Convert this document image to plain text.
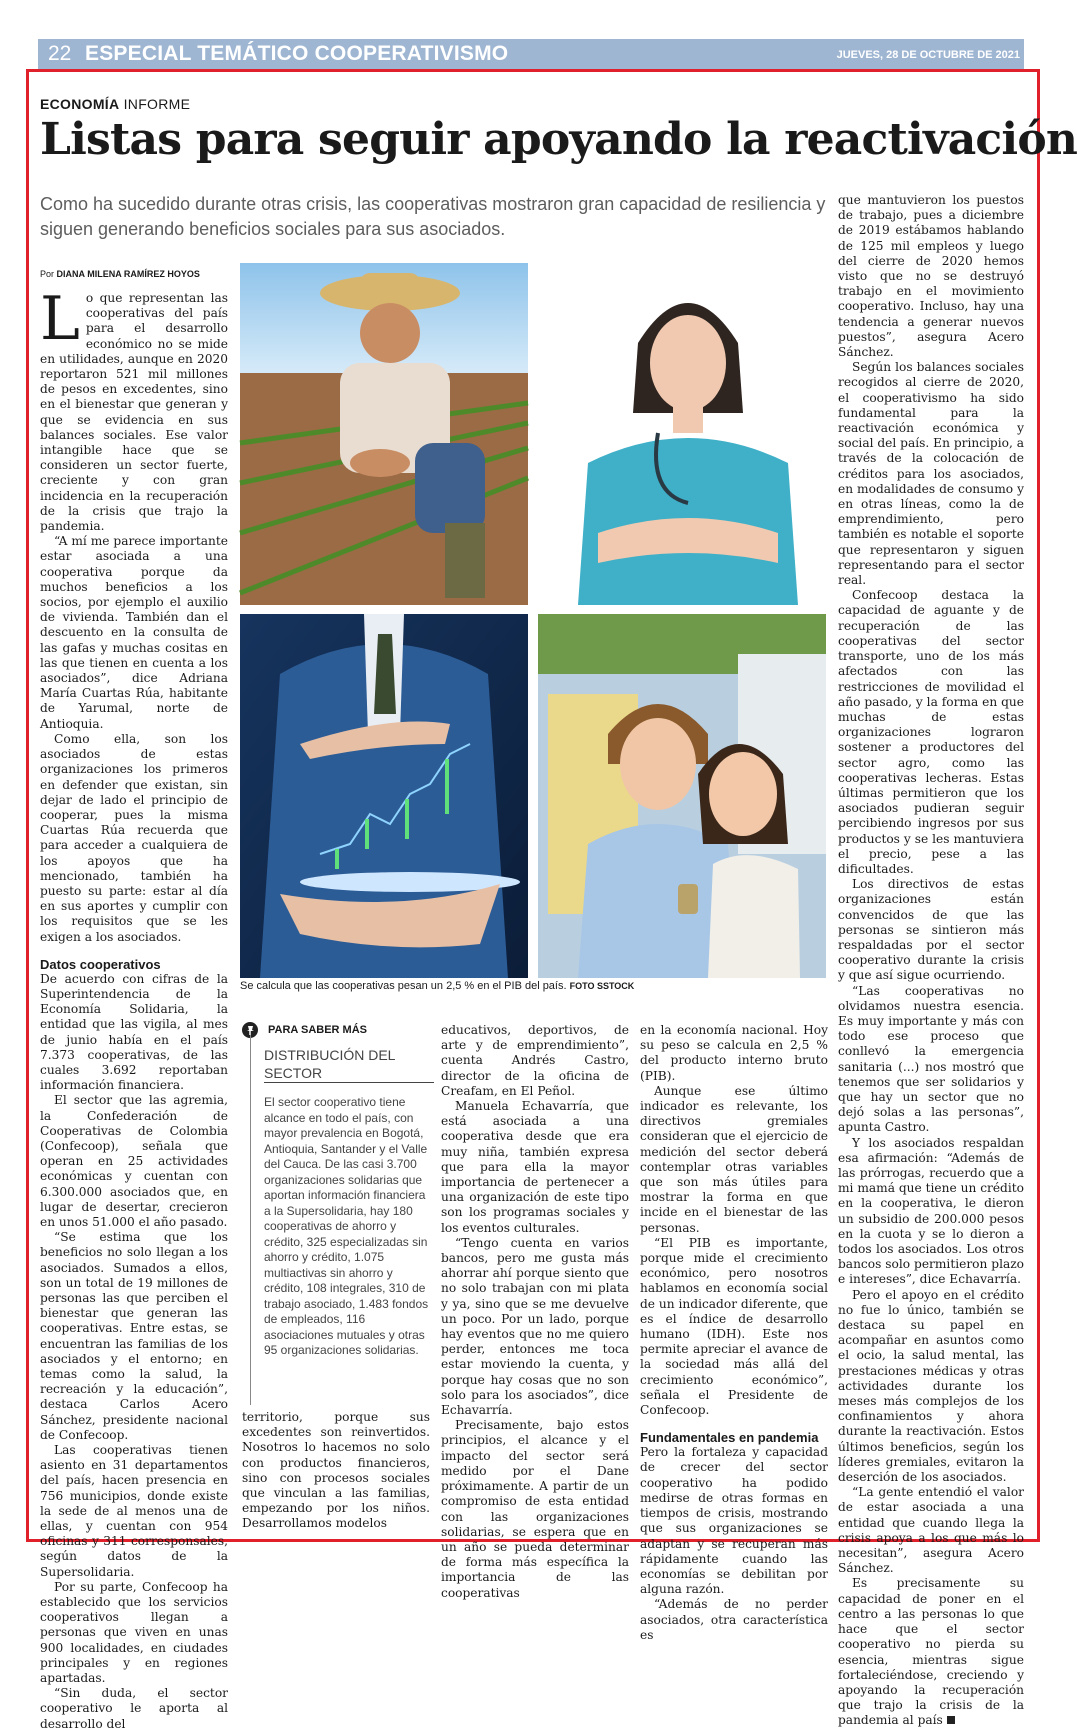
22 ESPECIAL TEMÁTICO COOPERATIVISMO	JUEVES, 28 DE OCTUBRE DE 2021
ECONOMÍA INFORME
Listas para seguir apoyando la reactivación
Como ha sucedido durante otras crisis, las cooperativas mostraron gran capacidad de resiliencia y siguen generando beneficios sociales para sus asociados.
Por DIANA MILENA RAMÍREZ HOYOS

Lo que representan las cooperativas del país para el desarrollo económico no se mide en utilidades, aunque en 2020 reportaron 521 mil millones de pesos en excedentes, sino en el bienestar que generan y que se evidencia en sus balances sociales. Ese valor intangible hace que se consideren un sector fuerte, creciente y con gran incidencia en la recuperación de la crisis que trajo la pandemia.

“A mí me parece importante estar asociada a una cooperativa porque da muchos beneficios a los socios, por ejemplo el auxilio de vivienda. También dan el descuento en la consulta de las gafas y muchas cositas en las que tienen en cuenta a los asociados”, dice Adriana María Cuartas Rúa, habitante de Yarumal, norte de Antioquia.

Como ella, son los asociados de estas organizaciones los primeros en defender que existan, sin dejar de lado el principio de cooperar, pues la misma Cuartas Rúa recuerda que para acceder a cualquiera de los apoyos que ha mencionado, también ha puesto su parte: estar al día en sus aportes y cumplir con los requisitos que se les exigen a los asociados.

Datos cooperativos

De acuerdo con cifras de la Superintendencia de la Economía Solidaria, la entidad que las vigila, al mes de junio había en el país 7.373 cooperativas, de las cuales 3.692 reportaban información financiera.

El sector que las agremia, la Confederación de Cooperativas de Colombia (Confecoop), señala que operan en 25 actividades económicas y cuentan con 6.300.000 asociados que, en lugar de desertar, crecieron en unos 51.000 el año pasado.

“Se estima que los beneficios no solo llegan a los asociados. Sumados a ellos, son un total de 19 millones de personas las que perciben el bienestar que generan las cooperativas. Entre estas, se encuentran las familias de los asociados y el entorno; en temas como la salud, la recreación y la educación”, destaca Carlos Acero Sánchez, presidente nacional de Confecoop.

Las cooperativas tienen asiento en 31 departamentos del país, hacen presencia en 756 municipios, donde existe la sede de al menos una de ellas, y cuentan con 954 oficinas y 311 corresponsales, según datos de la Supersolidaria.

Por su parte, Confecoop ha establecido que los servicios cooperativos llegan a personas que viven en unas 900 localidades, en ciudades principales y en regiones apartadas.

“Sin duda, el sector cooperativo le aporta al desarrollo del

Se calcula que las cooperativas pesan un 2,5 % en el PIB del país. FOTO SSTOCK
PARA SABER MÁS
DISTRIBUCIÓN DEL SECTOR
El sector cooperativo tiene alcance en todo el país, con mayor prevalencia en Bogotá, Antioquia, Santander y el Valle del Cauca. De las casi 3.700 organizaciones solidarias que aportan información financiera a la Supersolidaria, hay 180 cooperativas de ahorro y crédito, 325 especializadas sin ahorro y crédito, 1.075 multiactivas sin ahorro y crédito, 108 integrales, 310 de trabajo asociado, 1.483 fondos de empleados, 116 asociaciones mutuales y otras 95 organizaciones solidarias.

territorio, porque sus excedentes son reinvertidos. Nosotros lo hacemos no solo con productos financieros, sino con procesos sociales que vinculan a las familias, empezando por los niños. Desarrollamos modelos

educativos, deportivos, de arte y de emprendimiento”, cuenta Andrés Castro, director de la oficina de Creafam, en El Peñol.

Manuela Echavarría, que está asociada a una cooperativa desde que era muy niña, también expresa que para ella la mayor importancia de pertenecer a una organización de este tipo son los programas sociales y los eventos culturales.

“Tengo cuenta en varios bancos, pero me gusta más ahorrar ahí porque siento que no solo trabajan con mi plata y ya, sino que se me devuelve un poco. Por un lado, porque hay eventos que no me quiero perder, entonces me toca estar moviendo la cuenta, y porque hay cosas que no son solo para los asociados”, dice Echavarría.

Precisamente, bajo estos principios, el alcance y el impacto del sector será medido por el Dane próximamente. A partir de un compromiso de esta entidad con las organizaciones solidarias, se espera que en un año se pueda determinar de forma más específica la importancia de las cooperativas

en la economía nacional. Hoy su peso se calcula en 2,5 % del producto interno bruto (PIB).

Aunque ese último indicador es relevante, los directivos gremiales consideran que el ejercicio de medición del sector deberá contemplar otras variables que son más útiles para mostrar la forma en que incide en el bienestar de las personas.

“El PIB es importante, porque mide el crecimiento económico, pero nosotros hablamos en economía social de un indicador diferente, que es el índice de desarrollo humano (IDH). Este nos permite apreciar el avance de la sociedad más allá del crecimiento económico”, señala el Presidente de Confecoop.

Fundamentales en pandemia

Pero la fortaleza y capacidad de crecer del sector cooperativo ha podido medirse de otras formas en tiempos de crisis, mostrando que sus organizaciones se adaptan y se recuperan más rápidamente cuando las economías se debilitan por alguna razón.

“Además de no perder asociados, otra característica es

que mantuvieron los puestos de trabajo, pues a diciembre de 2019 estábamos hablando de 125 mil empleos y luego del cierre de 2020 hemos visto que no se destruyó trabajo en el movimiento cooperativo. Incluso, hay una tendencia a generar nuevos puestos”, asegura Acero Sánchez.

Según los balances sociales recogidos al cierre de 2020, el cooperativismo ha sido fundamental para la reactivación económica y social del país. En principio, a través de la colocación de créditos para los asociados, en modalidades de consumo y en otras líneas, como la de emprendimiento, pero también es notable el soporte que representaron y siguen representando para el sector real.

Confecoop destaca la capacidad de aguante y de recuperación de las cooperativas del sector transporte, uno de los más afectados con las restricciones de movilidad el año pasado, y la forma en que muchas de estas organizaciones lograron sostener a productores del sector agro, como las cooperativas lecheras. Estas últimas permitieron que los asociados pudieran seguir percibiendo ingresos por sus productos y se les mantuviera el precio, pese a las dificultades.

Los directivos de estas organizaciones están convencidos de que las personas se sintieron más respaldadas por el sector cooperativo durante la crisis y que así sigue ocurriendo.

“Las cooperativas no olvidamos nuestra esencia. Es muy importante y más con todo ese proceso que conllevó la emergencia sanitaria (...) nos mostró que tenemos que ser solidarios y que hay un sector que no dejó solas a las personas”, apunta Castro.

Y los asociados respaldan esa afirmación: “Además de las prórrogas, recuerdo que a mi mamá que tiene un crédito en la cooperativa, le dieron un subsidio de 200.000 pesos en la cuota y se lo dieron a todos los asociados. Los otros bancos solo permitieron plazo e intereses”, dice Echavarría.

Pero el apoyo en el crédito no fue lo único, también se destaca su papel en acompañar en asuntos como el ocio, la salud mental, las prestaciones médicas y otras actividades durante los meses más complejos de los confinamientos y ahora durante la reactivación. Estos últimos beneficios, según los líderes gremiales, evitaron la deserción de los asociados.

“La gente entendió el valor de estar asociada a una entidad que cuando llega la crisis apoya a los que más lo necesitan”, asegura Acero Sánchez.

Es precisamente su capacidad de poner en el centro a las personas lo que hace que el sector cooperativo no pierda su esencia, mientras sigue fortaleciéndose, creciendo y apoyando la recuperación que trajo la crisis de la pandemia al país
